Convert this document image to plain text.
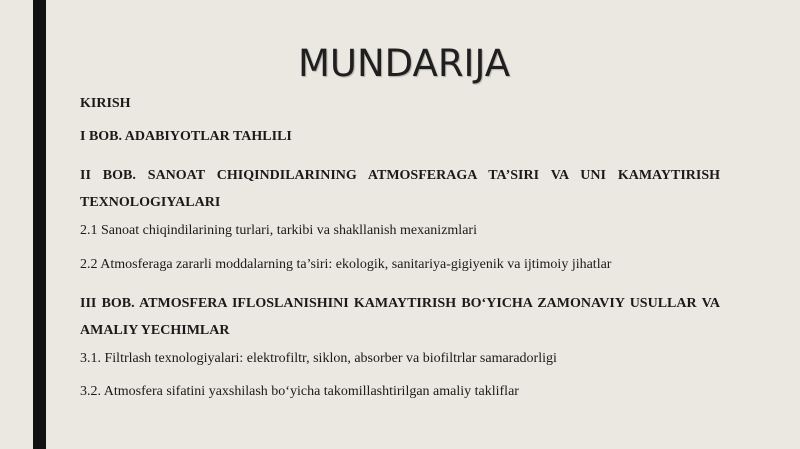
MUNDARIJA

KIRISH

I BOB. ADABIYOTLAR TAHLILI

II BOB. SANOAT CHIQINDILARINING ATMOSFERAGA TA’SIRI VA UNI KAMAYTIRISH TEXNOLOGIYALARI

2.1 Sanoat chiqindilarining turlari, tarkibi va shakllanish mexanizmlari

2.2 Atmosferaga zararli moddalarning ta’siri: ekologik, sanitariya-gigiyenik va ijtimoiy jihatlar

III BOB. ATMOSFERA IFLOSLANISHINI KAMAYTIRISH BO‘YICHA ZAMONAVIY USULLAR VA AMALIY YECHIMLAR

3.1. Filtrlash texnologiyalari: elektrofiltr, siklon, absorber va biofiltrlar samaradorligi

3.2. Atmosfera sifatini yaxshilash bo‘yicha takomillashtirilgan amaliy takliflar
